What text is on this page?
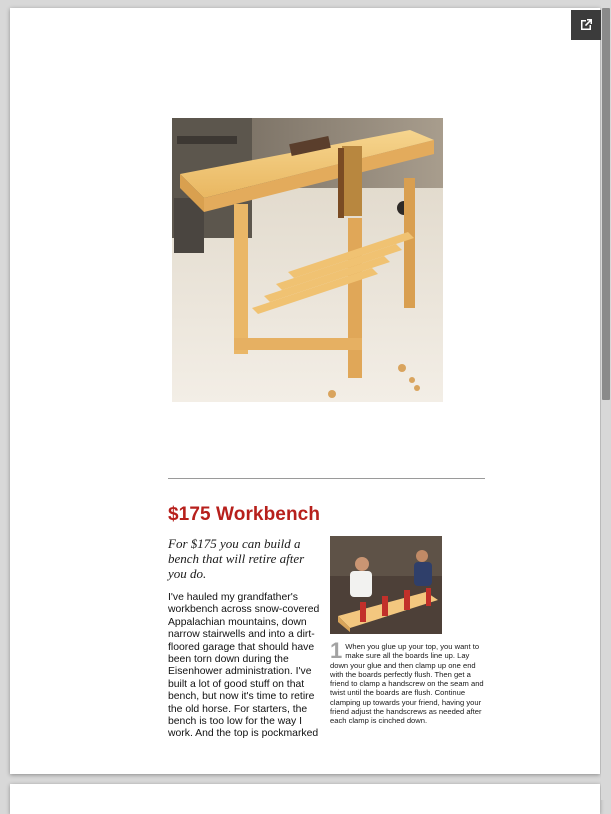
$175 Workbench

For $175 you can build a bench that will retire after you do.

I've hauled my grandfather's workbench across snow-covered Appalachian mountains, down narrow stairwells and into a dirt-floored garage that should have been torn down during the Eisenhower administration. I've built a lot of good stuff on that bench, but now it's time to retire the old horse. For starters, the bench is too low for the way I work. And the top is pockmarked

1 When you glue up your top, you want to make sure all the boards line up. Lay down your glue and then clamp up one end with the boards perfectly flush. Then get a friend to clamp a handscrew on the seam and twist until the boards are flush. Continue clamping up towards your friend, having your friend adjust the handscrews as needed after each clamp is cinched down.
